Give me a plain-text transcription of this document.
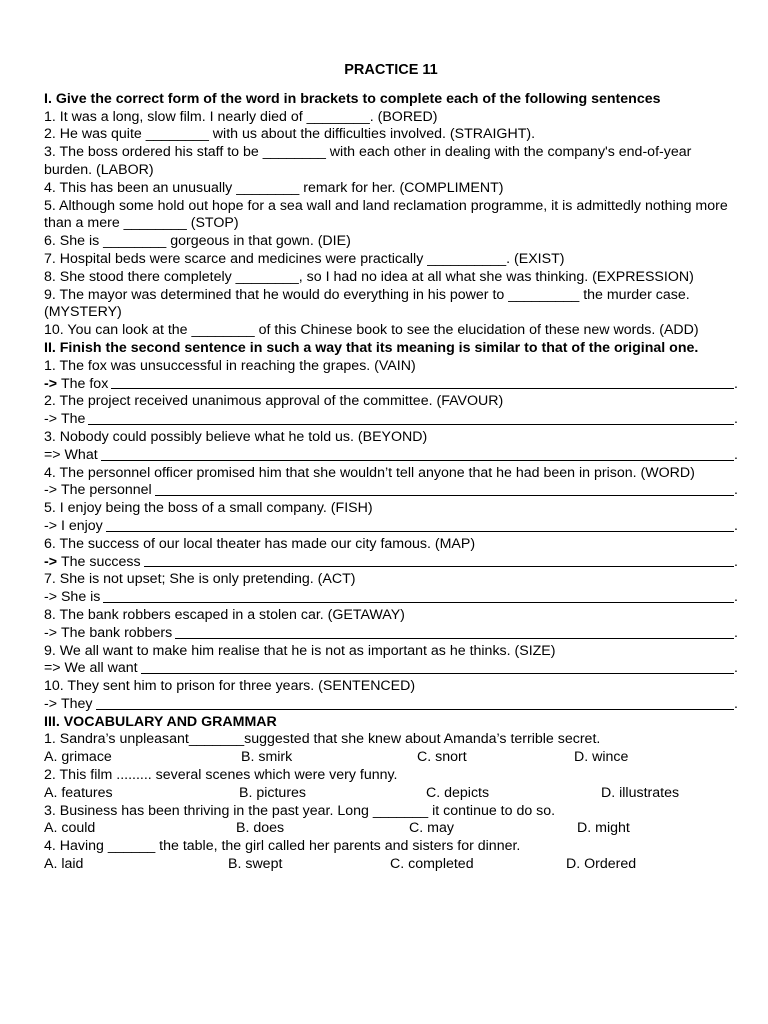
PRACTICE 11
I. Give the correct form of the word in brackets to complete each of the following sentences
1. It was a long, slow film. I nearly died of ________. (BORED)
2. He was quite ________ with us about the difficulties involved. (STRAIGHT).
3. The boss ordered his staff to be ________ with each other in dealing with the company's end-of-year burden. (LABOR)
4. This has been an unusually ________ remark for her. (COMPLIMENT)
5. Although some hold out hope for a sea wall and land reclamation programme, it is admittedly nothing more than a mere ________ (STOP)
6. She is ________ gorgeous in that gown. (DIE)
7. Hospital beds were scarce and medicines were practically __________. (EXIST)
8. She stood there completely ________, so I had no idea at all what she was thinking. (EXPRESSION)
9. The mayor was determined that he would do everything in his power to _________ the murder case. (MYSTERY)
10. You can look at the ________ of this Chinese book to see the elucidation of these new words. (ADD)
II. Finish the second sentence in such a way that its meaning is similar to that of the original one.
1. The fox was unsuccessful in reaching the grapes. (VAIN)
->
The fox	.
2. The project received unanimous approval of the committee. (FAVOUR)
->
The	.
3. Nobody could possibly believe what he told us. (BEYOND)
=>
What	.
4. The personnel officer promised him that she wouldn’t tell anyone that he had been in prison. (WORD)
->
The personnel	.
5. I enjoy being the boss of a small company. (FISH)
->
I enjoy	.
6. The success of our local theater has made our city famous. (MAP)
->
The success	.
7. She is not upset; She is only pretending. (ACT)
->
She is	.
8. The bank robbers escaped in a stolen car. (GETAWAY)
->
The bank robbers	.
9. We all want to make him realise that he is not as important as he thinks. (SIZE)
=>
We all want	.
10. They sent him to prison for three years. (SENTENCED)
->
They	.
III. VOCABULARY AND GRAMMAR
1. Sandra’s unpleasant_______suggested that she knew about Amanda’s terrible secret.
A. grimace	B. smirk	C. snort	D. wince
2. This film ......... several scenes which were very funny.
A. features	B. pictures	C. depicts	D. illustrates
3. Business has been thriving in the past year. Long _______ it continue to do so.
A. could	B. does	C. may	D. might
4. Having ______ the table, the girl called her parents and sisters for dinner.
A. laid	B. swept	C. completed	D. Ordered
